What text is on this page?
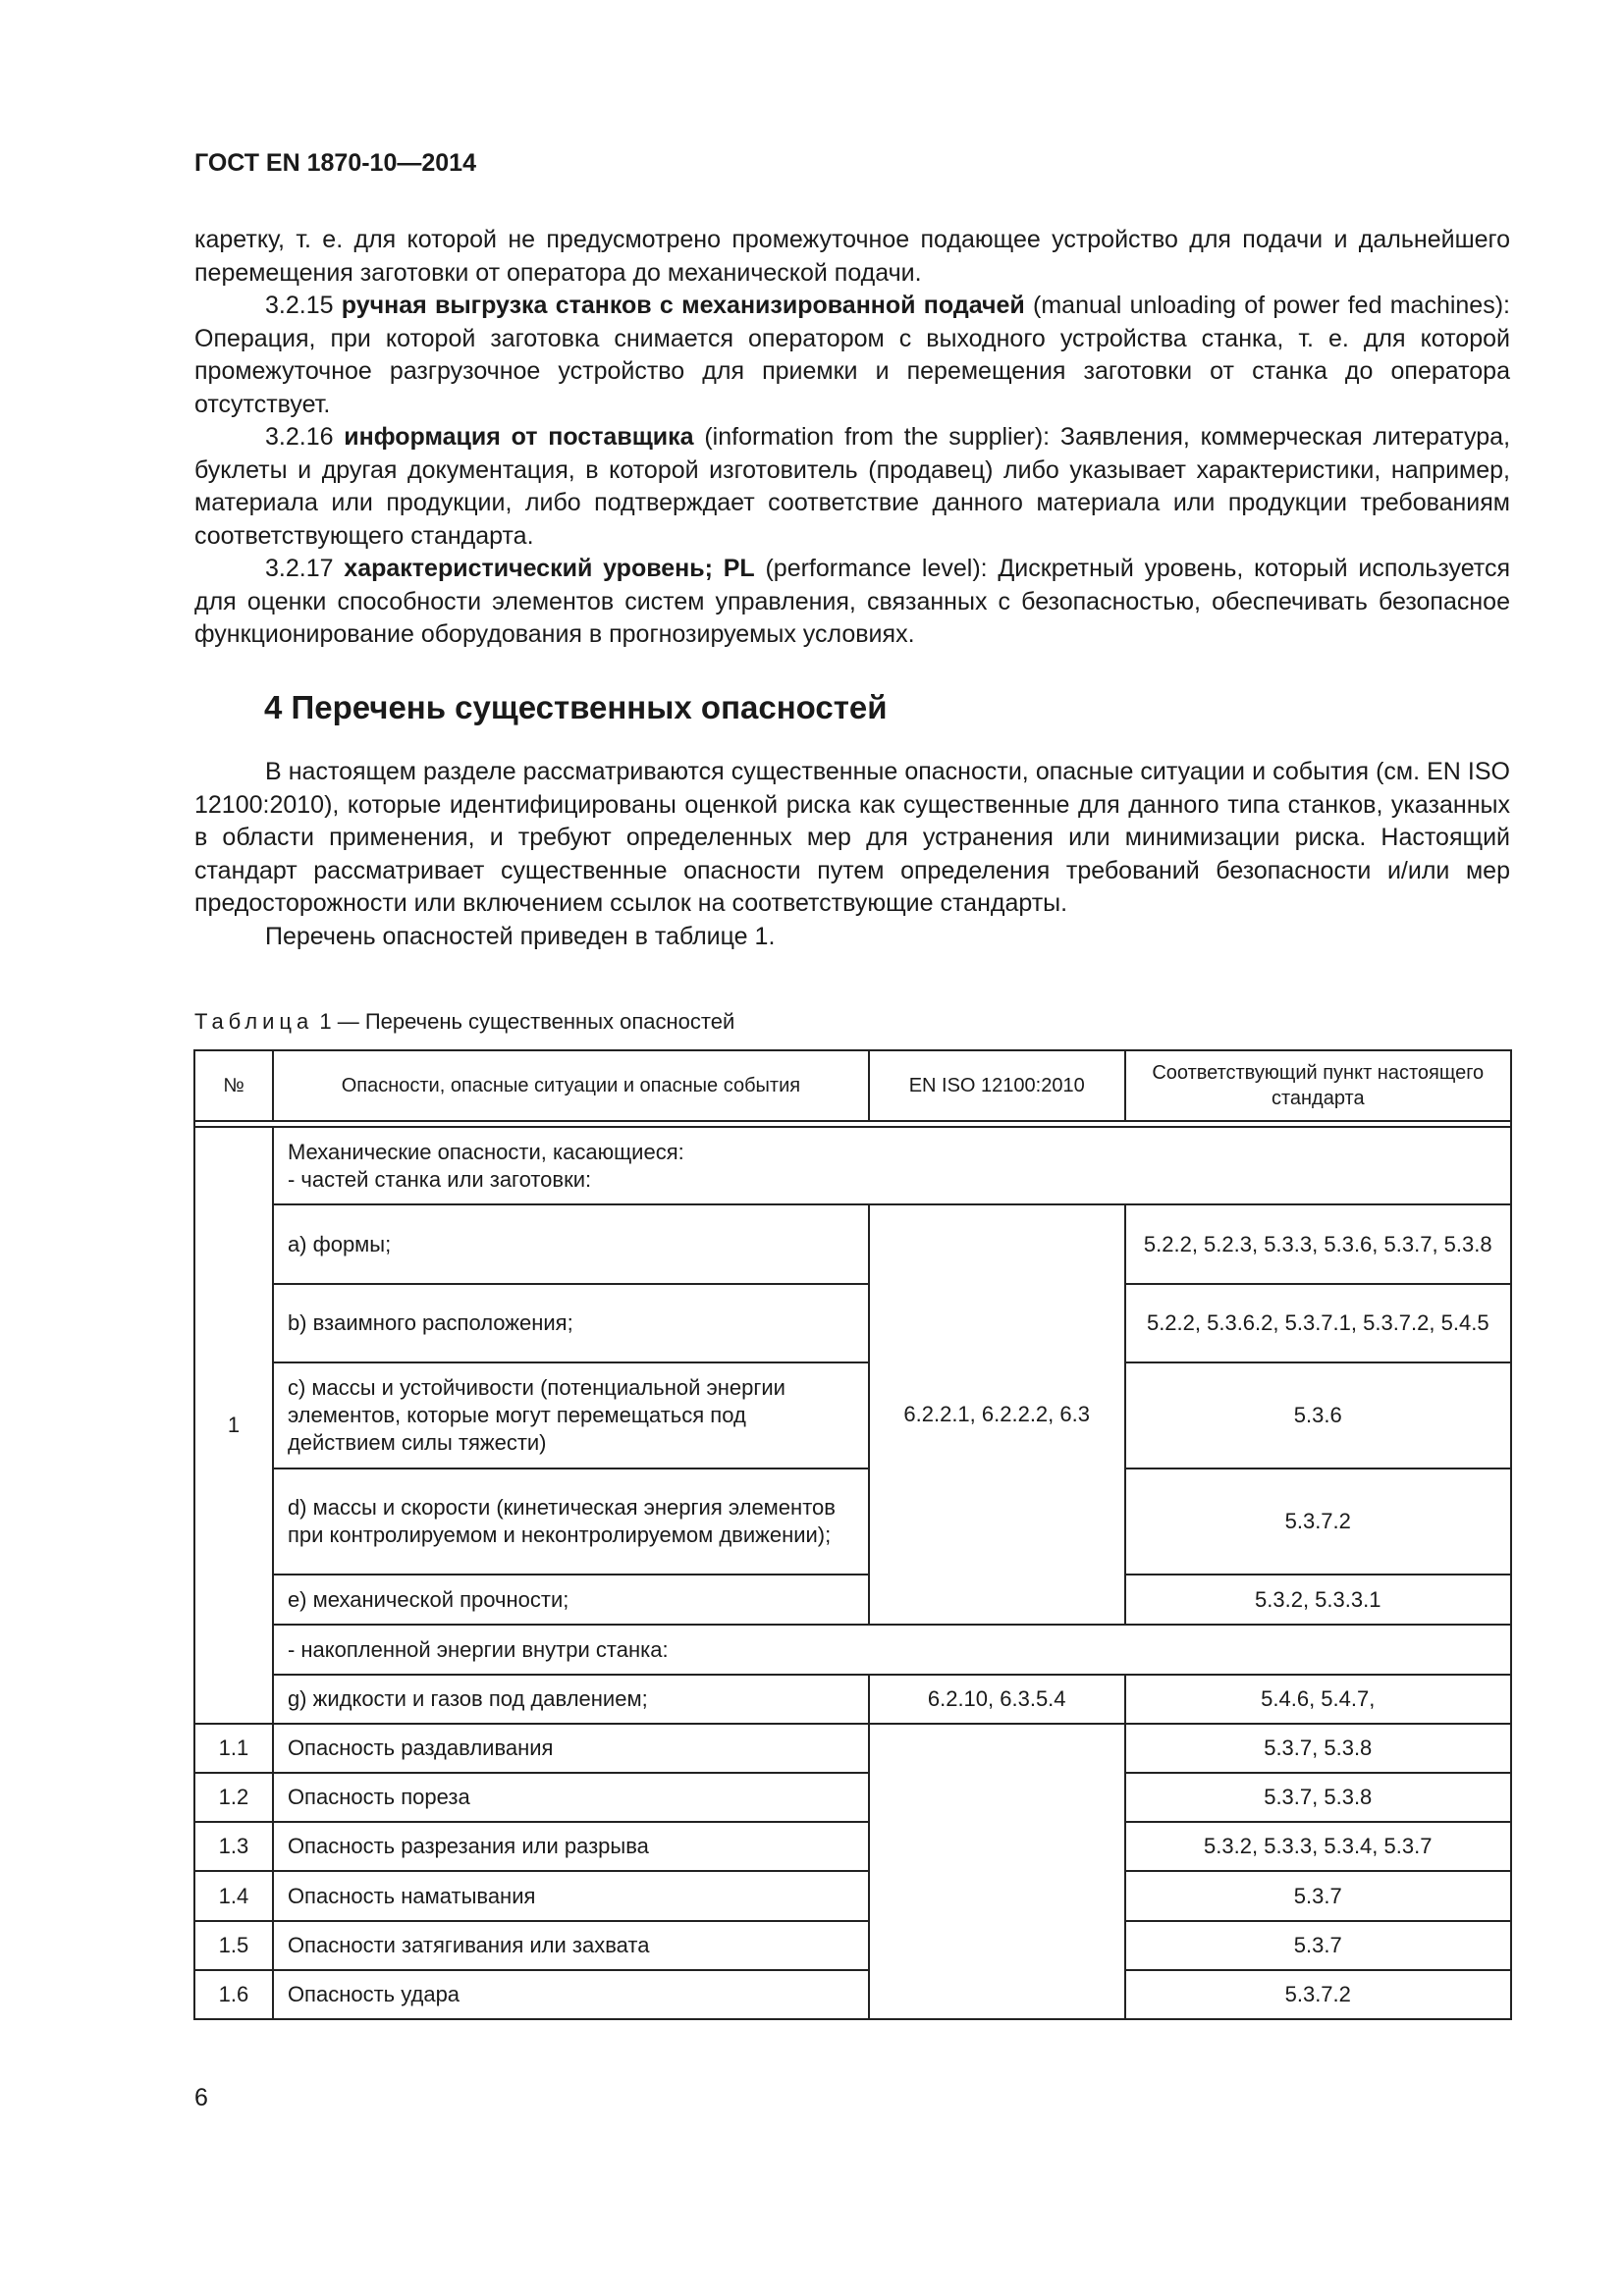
ГОСТ EN 1870-10—2014

каретку, т. е. для которой не предусмотрено промежуточное подающее устройство для подачи и дальнейшего перемещения заготовки от оператора до механической подачи.

3.2.15 ручная выгрузка станков с механизированной подачей (manual unloading of power fed machines): Операция, при которой заготовка снимается оператором с выходного устройства станка, т. е. для которой промежуточное разгрузочное устройство для приемки и перемещения заготовки от станка до оператора отсутствует.

3.2.16 информация от поставщика (information from the supplier): Заявления, коммерческая литература, буклеты и другая документация, в которой изготовитель (продавец) либо указывает характеристики, например, материала или продукции, либо подтверждает соответствие данного материала или продукции требованиям соответствующего стандарта.

3.2.17 характеристический уровень; PL (performance level): Дискретный уровень, который используется для оценки способности элементов систем управления, связанных с безопасностью, обеспечивать безопасное функционирование оборудования в прогнозируемых условиях.

4 Перечень существенных опасностей

В настоящем разделе рассматриваются существенные опасности, опасные ситуации и события (см. EN ISO 12100:2010), которые идентифицированы оценкой риска как существенные для данного типа станков, указанных в области применения, и требуют определенных мер для устранения или минимизации риска. Настоящий стандарт рассматривает существенные опасности путем определения требований безопасности и/или мер предосторожности или включением ссылок на соответствующие стандарты.

Перечень опасностей приведен в таблице 1.

Таблица 1 — Перечень существенных опасностей
№	Опасности, опасные ситуации и опасные события	EN ISO 12100:2010	Соответствующий пункт настоящего стандарта

1	Механические опасности, касающиеся:
- частей станка или заготовки:		

	a) формы;	6.2.2.1, 6.2.2.2, 6.3	5.2.2, 5.2.3, 5.3.3, 5.3.6, 5.3.7, 5.3.8
	b) взаимного расположения;		5.2.2, 5.3.6.2, 5.3.7.1, 5.3.7.2, 5.4.5
	c) массы и устойчивости (потенциальной энергии элементов, которые могут перемещаться под действием силы тяжести)		5.3.6
	d) массы и скорости (кинетическая энергия элементов при контролируемом и неконтролируемом движении);		5.3.7.2
	e) механической прочности;		5.3.2, 5.3.3.1
	- накопленной энергии внутри станка:		
	g) жидкости и газов под давлением;	6.2.10, 6.3.5.4	5.4.6, 5.4.7,

1.1	Опасность раздавливания		5.3.7, 5.3.8
1.2	Опасность пореза		5.3.7, 5.3.8
1.3	Опасность разрезания или разрыва		5.3.2, 5.3.3, 5.3.4, 5.3.7
1.4	Опасность наматывания		5.3.7
1.5	Опасности затягивания или захвата		5.3.7
1.6	Опасность удара		5.3.7.2
6
